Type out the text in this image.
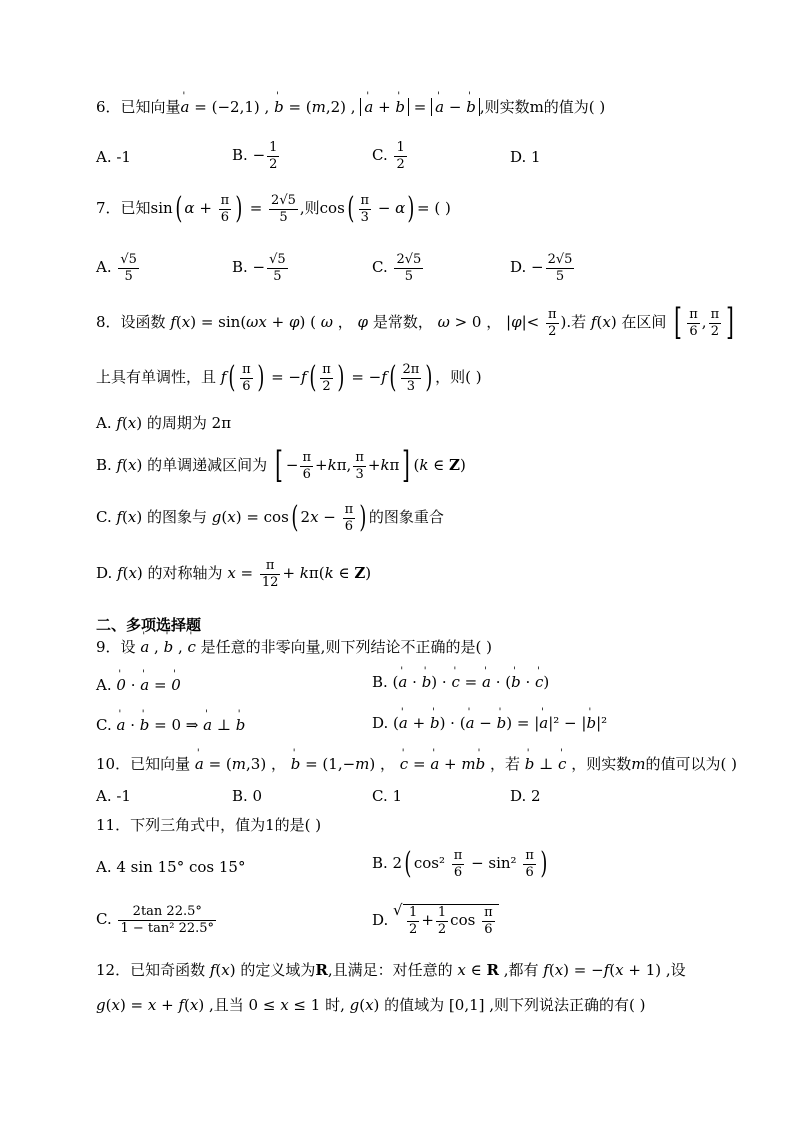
6．已知向量' a = (−2,1) , ' b = (m,2) , ' a + ' b = ' a − ' b ,则实数m的值为( )
A. -1	B. − $\frac{1}{2}$	C. $\frac{1}{2}$	D. 1
7．已知sin( $\alpha + \frac{\pi}{6}$ ) = $\frac{2√5}{5}$ ,则$\cos( \frac{\pi}{3} - \alpha)$ = ( )
A. $\frac{√5}{5}$	B. − $\frac{√5}{5}$	C. $\frac{2√5}{5}$	D. − $\frac{2√5}{5}$
8．设函数 f(x) = sin(ωx + φ) ( ω ， φ 是常数， ω > 0 ， $|\varphi|< \frac{\pi}{2}$ ).若 f(x) 在区间 [ $\frac{\pi}{6}$ , $\frac{\pi}{2}$ ]
上具有单调性，且 $f( \frac{\pi}{6}$ ) = $-f( \frac{\pi}{2}$ ) = $-f( \frac{2\pi}{3}$ ) ，则( )
A. f(x) 的周期为 2π
B. f(x) 的单调递减区间为 [ − $\frac{\pi}{6} +k\pi$, $\frac{\pi}{3} +k\pi$] (k ∈ Z)
C. f(x) 的图象与 g(x) = cos( $2x - \frac{\pi}{6}$ ) 的图象重合
D. f(x) 的对称轴为 $x = \frac{\pi}{12} + k\pi(k$ ∈ Z)
二、多项选择题
9．设 ' a , ' b , ' c 是任意的非零向量,则下列结论不正确的是( )
A. ' 0 · ' a = ' 0	B. (' a · ' b) · ' c = ' a · (' b · ' c)
C. ' a · ' b = 0 ⇒ ' a ⊥ ' b	D. (' a + ' b) · (' a − ' b) = |' a|² − |' b|²
10．已知向量 ' a = (m,3) ， ' b = (1,−m) ， ' c = ' a + m' b ，若 ' b ⊥ ' c ，则实数m的值可以为( )
A. -1	B. 0	C. 1	D. 2
11．下列三角式中，值为1的是( )
A. 4 sin 15° cos 15°	B. 2( $\cos^2 \frac{\pi}{6} - \sin^2 \frac{\pi}{6}$ )
C. $\frac{2\tan 22.5^\circ}{\text{1 − tan² 22.5°}}$	D. √ $\frac{1}{2} + \frac{1}{2}$ $\cos \frac{\pi}{6}$
12．已知奇函数 f(x) 的定义域为R,且满足：对任意的 x ∈ R ,都有 f(x) = −f(x + 1) ,设
g(x) = x + f(x) ,且当 0 ≤ x ≤ 1 时, g(x) 的值域为 [0,1] ,则下列说法正确的有( )
